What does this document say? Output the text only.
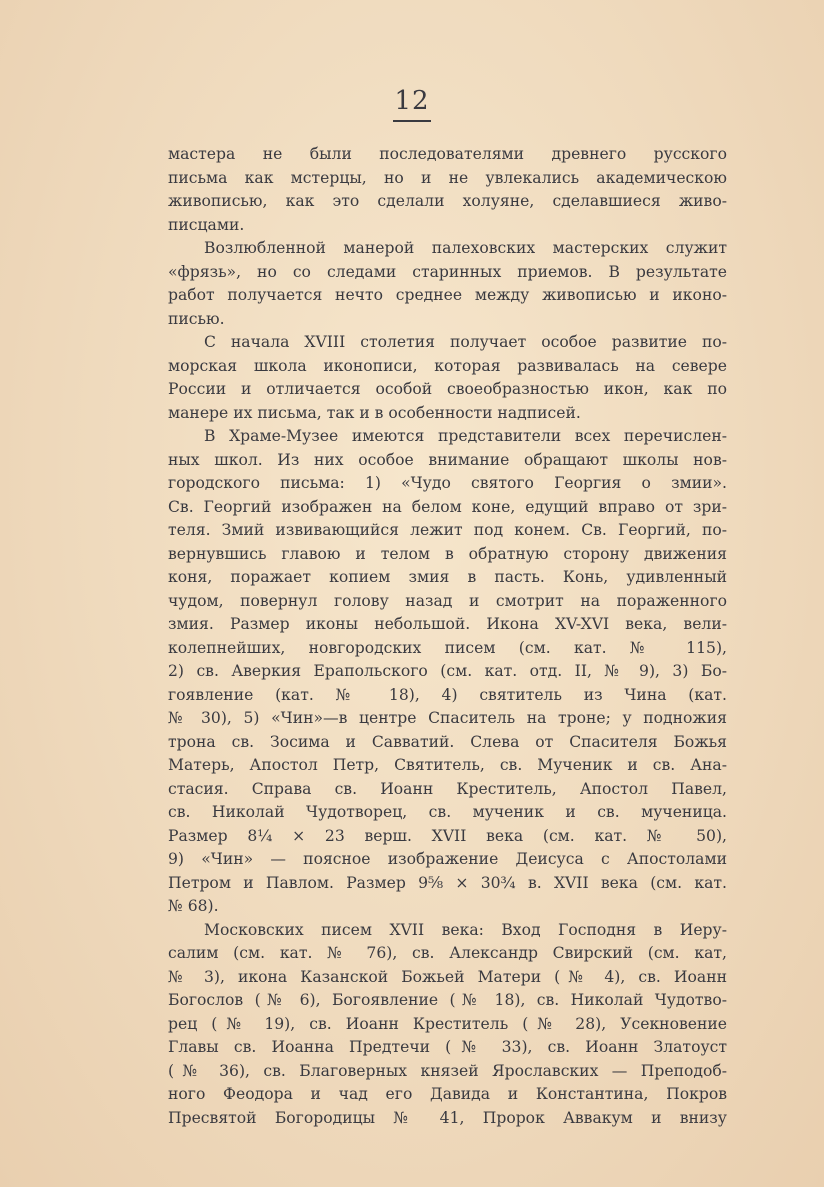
12
мастера не были последователями древнего русского
письма как мстерцы, но и не увлекались академическою
живописью, как это сделали холуяне, сделавшиеся живо-
писцами.
Возлюбленной манерой палеховских мастерских служит
«фрязь», но со следами старинных приемов. В результате
работ получается нечто среднее между живописью и иконо-
писью.
С начала XVIII столетия получает особое развитие по-
морская школа иконописи, которая развивалась на севере
России и отличается особой своеобразностью икон, как по
манере их письма, так и в особенности надписей.
В Храме-Музее имеются представители всех перечислен-
ных школ. Из них особое внимание обращают школы нов-
городского письма: 1) «Чудо святого Георгия о змии».
Св. Георгий изображен на белом коне, едущий вправо от зри-
теля. Змий извивающийся лежит под конем. Св. Георгий, по-
вернувшись главою и телом в обратную сторону движения
коня, поражает копием змия в пасть. Конь, удивленный
чудом, повернул голову назад и смотрит на пораженного
змия. Размер иконы небольшой. Икона XV-XVI века, вели-
колепнейших, новгородских писем (см. кат. № 115),
2) св. Аверкия Ерапольского (см. кат. отд. II, № 9), 3) Бо-
гоявление (кат. № 18), 4) святитель из Чина (кат.
№ 30), 5) «Чин»—в центре Спаситель на троне; у подножия
трона св. Зосима и Савватий. Слева от Спасителя Божья
Матерь, Апостол Петр, Святитель, св. Мученик и св. Ана-
стасия. Справа св. Иоанн Креститель, Апостол Павел,
св. Николай Чудотворец, св. мученик и св. мученица.
Размер 8¼ × 23 верш. XVII века (см. кат. № 50),
9) «Чин» — поясное изображение Деисуса с Апостолами
Петром и Павлом. Размер 9⅝ × 30¾ в. XVII века (см. кат.
№ 68).
Московских писем XVII века: Вход Господня в Иеру-
салим (см. кат. № 76), св. Александр Свирский (см. кат,
№ 3), икона Казанской Божьей Матери (№ 4), св. Иоанн
Богослов (№ 6), Богоявление (№ 18), св. Николай Чудотво-
рец (№ 19), св. Иоанн Креститель (№ 28), Усекновение
Главы св. Иоанна Предтечи (№ 33), св. Иоанн Златоуст
(№ 36), св. Благоверных князей Ярославских — Преподоб-
ного Феодора и чад его Давида и Константина, Покров
Пресвятой Богородицы № 41, Пророк Аввакум и внизу
